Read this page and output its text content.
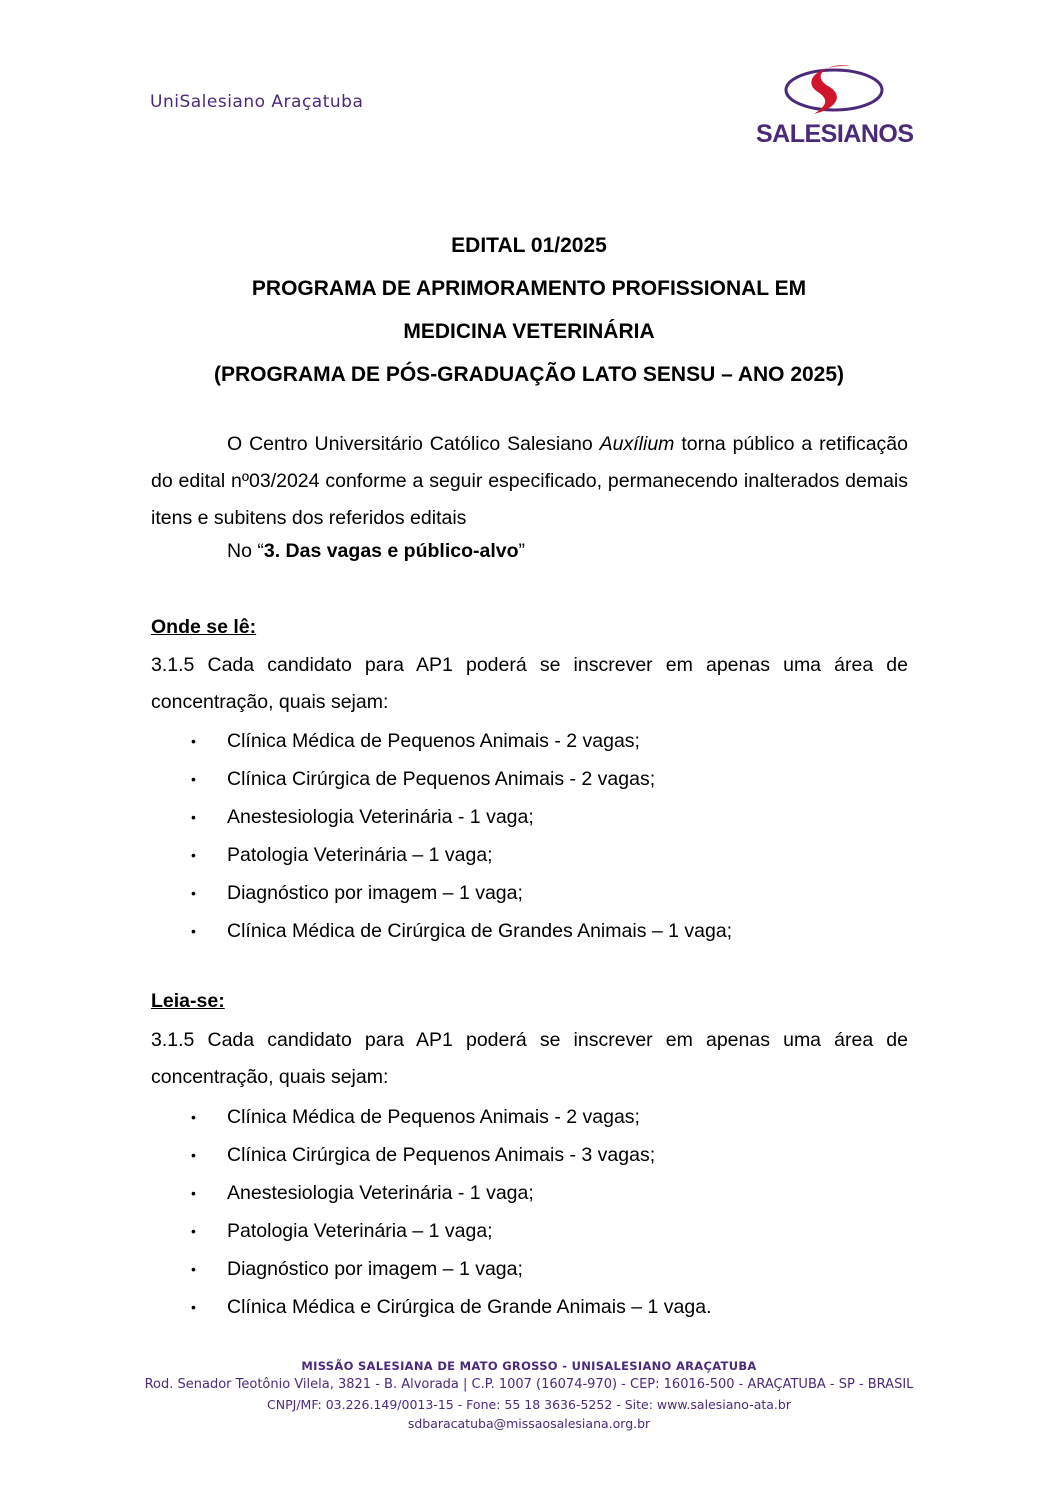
UniSalesiano Araçatuba
SALESIANOS
EDITAL 01/2025
PROGRAMA DE APRIMORAMENTO PROFISSIONAL EM
MEDICINA VETERINÁRIA
(PROGRAMA DE PÓS-GRADUAÇÃO LATO SENSU – ANO 2025)
O Centro Universitário Católico Salesiano Auxílium torna público a retificação do edital nº03/2024 conforme a seguir especificado, permanecendo inalterados demais itens e subitens dos referidos editais
No “3. Das vagas e público-alvo”
Onde se lê:
3.1.5 Cada candidato para AP1 poderá se inscrever em apenas uma área de concentração, quais sejam:
• Clínica Médica de Pequenos Animais - 2 vagas;
• Clínica Cirúrgica de Pequenos Animais - 2 vagas;
• Anestesiologia Veterinária - 1 vaga;
• Patologia Veterinária – 1 vaga;
• Diagnóstico por imagem – 1 vaga;
• Clínica Médica de Cirúrgica de Grandes Animais – 1 vaga;
Leia-se:
3.1.5 Cada candidato para AP1 poderá se inscrever em apenas uma área de concentração, quais sejam:
• Clínica Médica de Pequenos Animais - 2 vagas;
• Clínica Cirúrgica de Pequenos Animais - 3 vagas;
• Anestesiologia Veterinária - 1 vaga;
• Patologia Veterinária – 1 vaga;
• Diagnóstico por imagem – 1 vaga;
• Clínica Médica e Cirúrgica de Grande Animais – 1 vaga.
MISSÃO SALESIANA DE MATO GROSSO - UNISALESIANO ARAÇATUBA
Rod. Senador Teotônio Vilela, 3821 - B. Alvorada | C.P. 1007 (16074-970) - CEP: 16016-500 - ARAÇATUBA - SP - BRASIL
CNPJ/MF: 03.226.149/0013-15 - Fone: 55 18 3636-5252 - Site: www.salesiano-ata.br
sdbaracatuba@missaosalesiana.org.br
